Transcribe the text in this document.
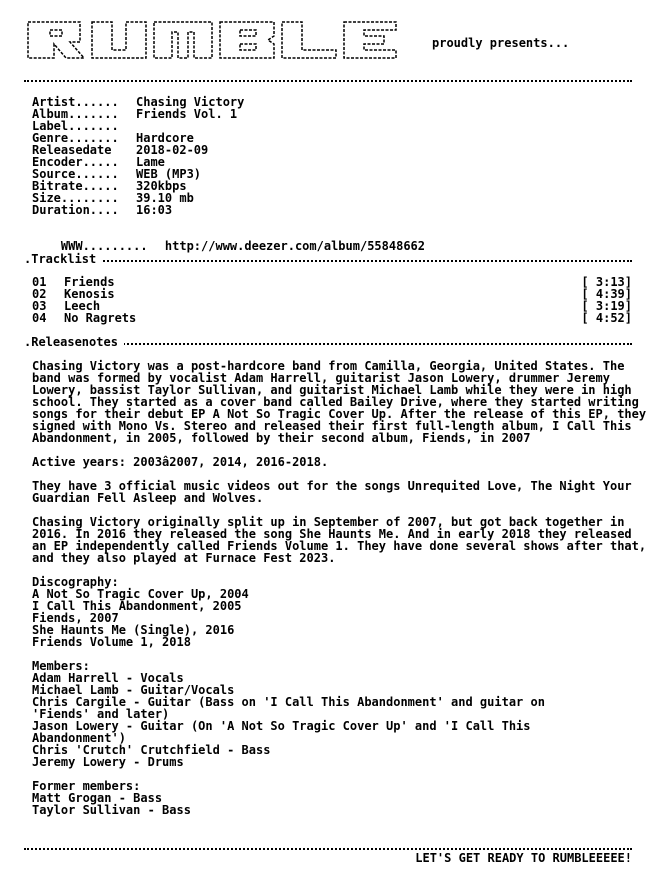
proudly presents...
Artist...... Chasing Victory
Album....... Friends Vol. 1
Label.......
Genre....... Hardcore
Releasedate 2018-02-09
Encoder..... Lame
Source...... WEB (MP3)
Bitrate..... 320kbps
Size........ 39.10 mb
Duration.... 16:03

WWW......... http://www.deezer.com/album/55848662

.Tracklist
01 Friends	[ 3:13]
02 Kenosis	[ 4:39]
03 Leech	[ 3:19]
04 No Ragrets	[ 4:52]
.Releasenotes

Chasing Victory was a post-hardcore band from Camilla, Georgia, United States. The band was formed by vocalist Adam Harrell, guitarist Jason Lowery, drummer Jeremy Lowery, bassist Taylor Sullivan, and guitarist Michael Lamb while they were in high school. They started as a cover band called Bailey Drive, where they started writing songs for their debut EP A Not So Tragic Cover Up. After the release of this EP, they signed with Mono Vs. Stereo and released their first full-length album, I Call This Abandonment, in 2005, followed by their second album, Fiends, in 2007

Active years: 2003â2007, 2014, 2016-2018.

They have 3 official music videos out for the songs Unrequited Love, The Night Your Guardian Fell Asleep and Wolves.

Chasing Victory originally split up in September of 2007, but got back together in 2016. In 2016 they released the song She Haunts Me. And in early 2018 they released an EP independently called Friends Volume 1. They have done several shows after that, and they also played at Furnace Fest 2023.

Discography:
A Not So Tragic Cover Up, 2004
I Call This Abandonment, 2005
Fiends, 2007
She Haunts Me (Single), 2016
Friends Volume 1, 2018

Members:
Adam Harrell - Vocals
Michael Lamb - Guitar/Vocals
Chris Cargile - Guitar (Bass on 'I Call This Abandonment' and guitar on
'Fiends' and later)
Jason Lowery - Guitar (On 'A Not So Tragic Cover Up' and 'I Call This
Abandonment')
Chris 'Crutch' Crutchfield - Bass
Jeremy Lowery - Drums

Former members:
Matt Grogan - Bass
Taylor Sullivan - Bass

LET'S GET READY TO RUMBLEEEEE!
